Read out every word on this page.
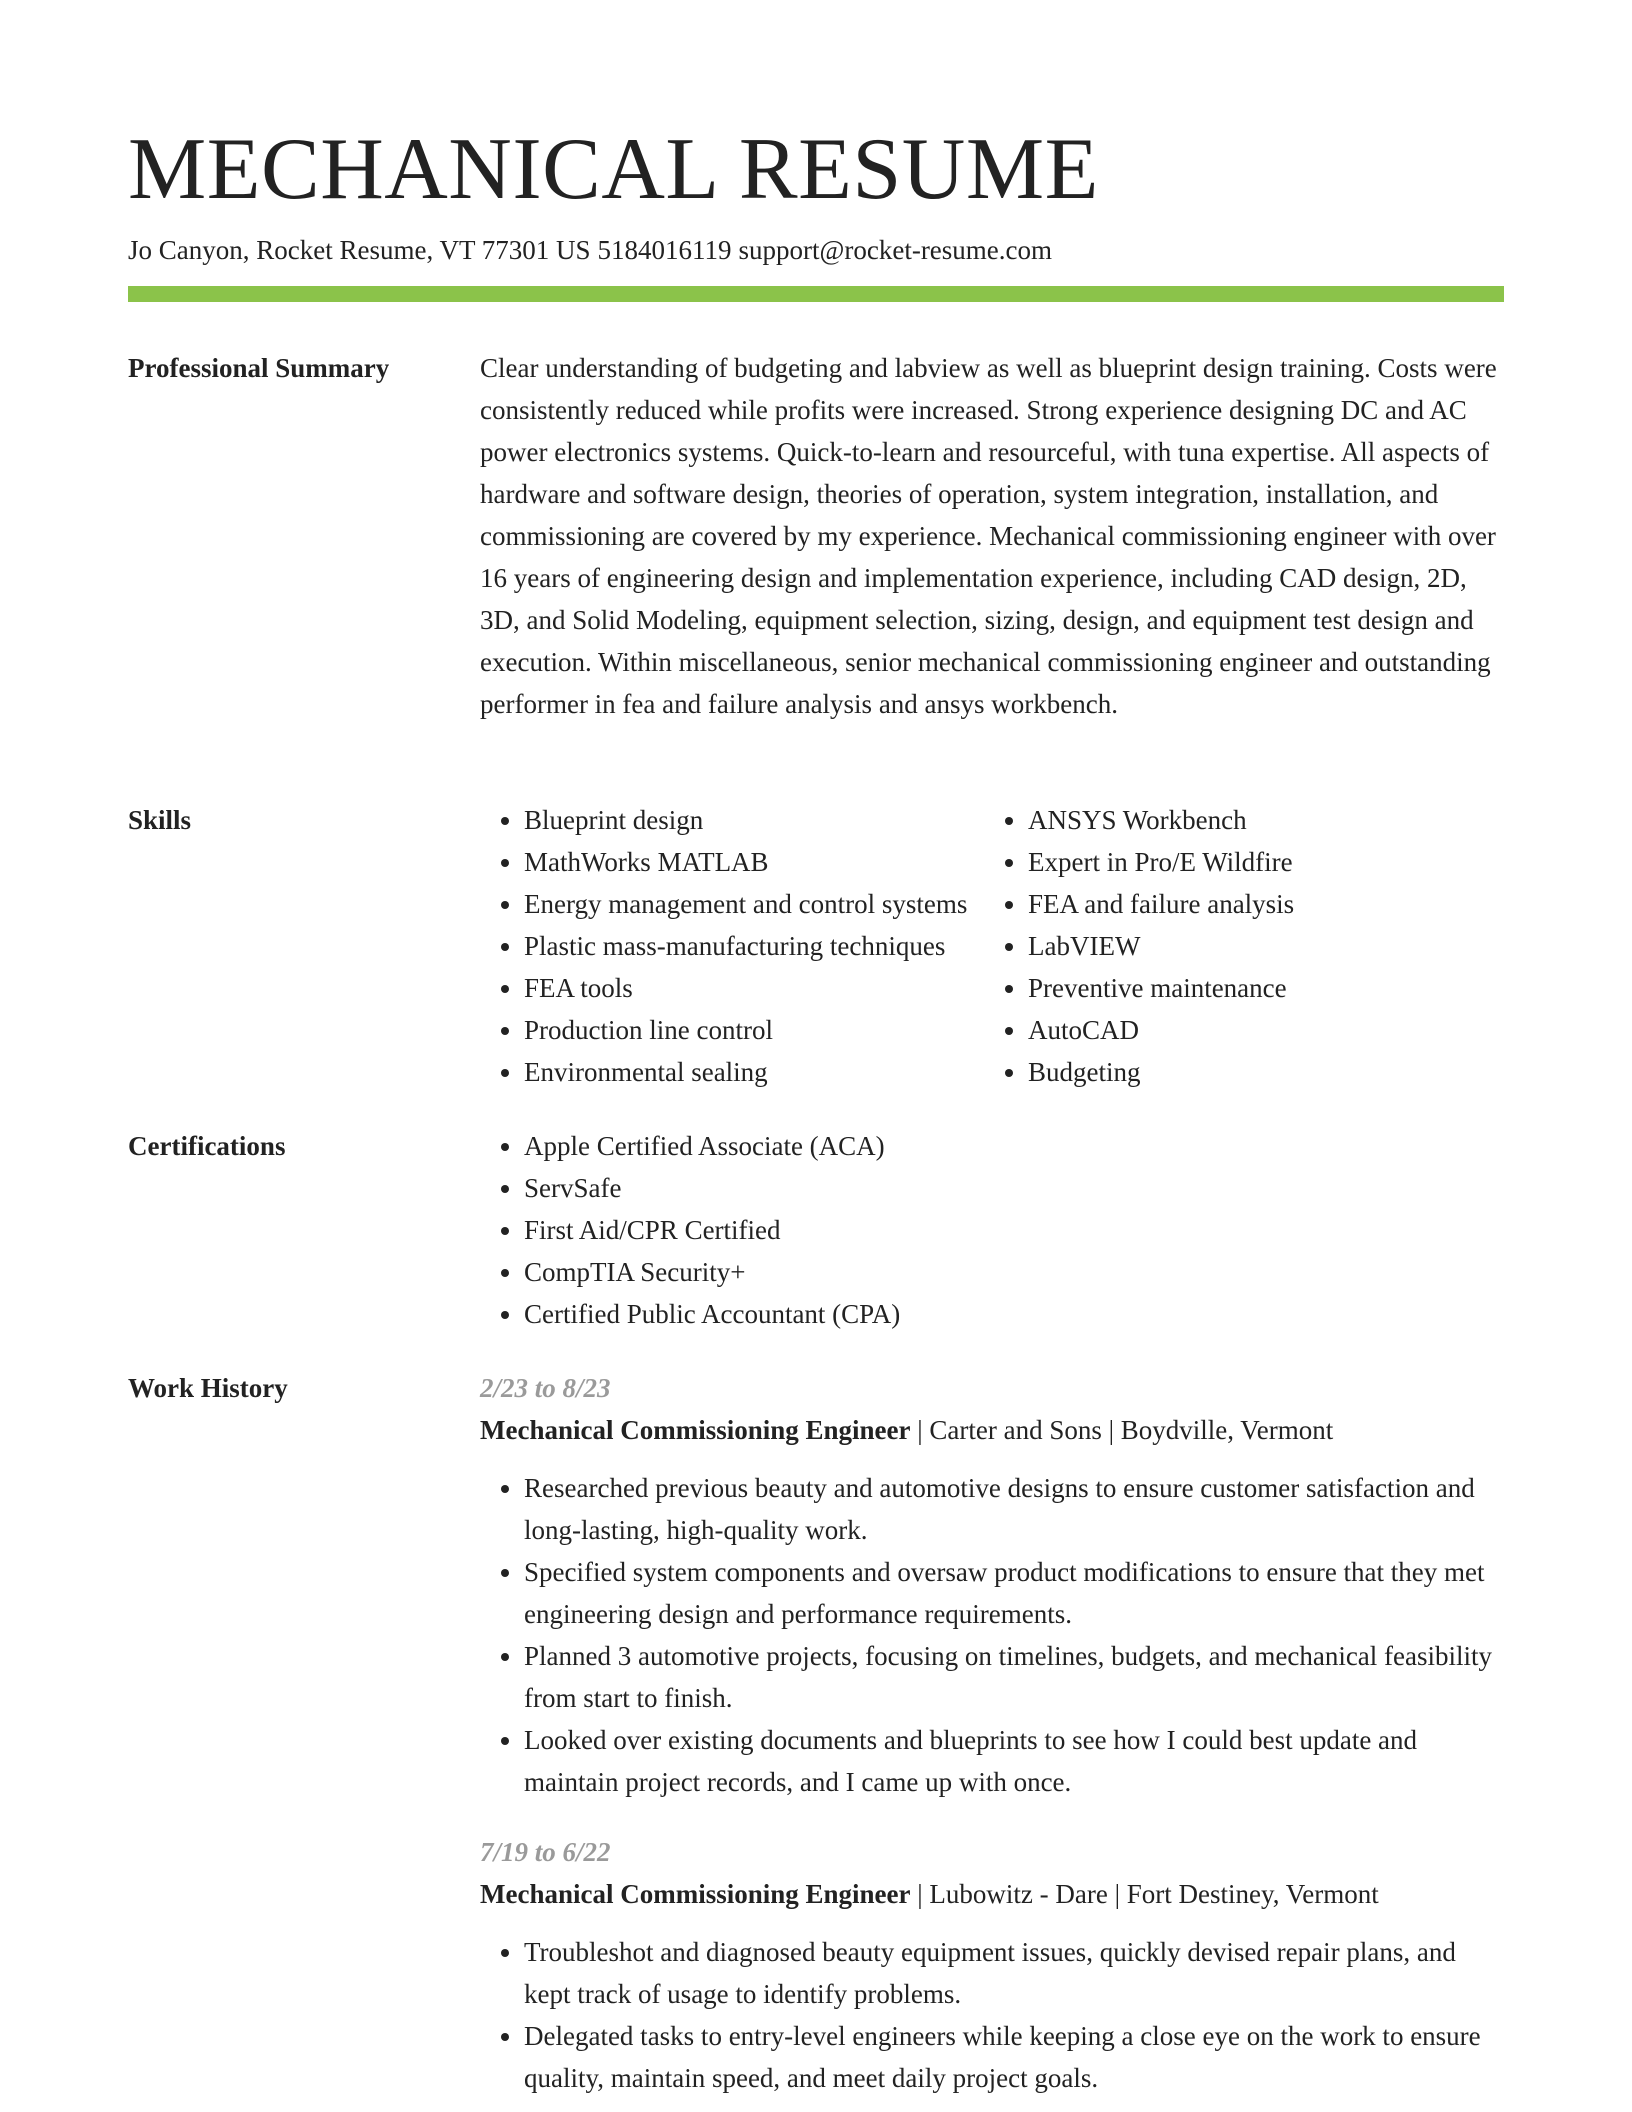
MECHANICAL RESUME
Jo Canyon, Rocket Resume, VT 77301 US 5184016119 support@rocket-resume.com
Professional Summary	Clear understanding of budgeting and labview as well as blueprint design training. Costs were consistently reduced while profits were increased. Strong experience designing DC and AC power electronics systems. Quick-to-learn and resourceful, with tuna expertise. All aspects of hardware and software design, theories of operation, system integration, installation, and commissioning are covered by my experience. Mechanical commissioning engineer with over 16 years of engineering design and implementation experience, including CAD design, 2D, 3D, and Solid Modeling, equipment selection, sizing, design, and equipment test design and execution. Within miscellaneous, senior mechanical commissioning engineer and outstanding performer in fea and failure analysis and ansys workbench.

Skills	• Blueprint design
• MathWorks MATLAB
• Energy management and control systems
• Plastic mass-manufacturing techniques
• FEA tools
• Production line control
• Environmental sealing
• ANSYS Workbench
• Expert in Pro/E Wildfire
• FEA and failure analysis
• LabVIEW
• Preventive maintenance
• AutoCAD
• Budgeting
Certifications	• Apple Certified Associate (ACA)
• ServSafe
• First Aid/CPR Certified
• CompTIA Security+
• Certified Public Accountant (CPA)
Work History	2/23 to 8/23
Mechanical Commissioning Engineer | Carter and Sons | Boydville, Vermont
• Researched previous beauty and automotive designs to ensure customer satisfaction and long-lasting, high-quality work.
• Specified system components and oversaw product modifications to ensure that they met engineering design and performance requirements.
• Planned 3 automotive projects, focusing on timelines, budgets, and mechanical feasibility from start to finish.
• Looked over existing documents and blueprints to see how I could best update and maintain project records, and I came up with once.
7/19 to 6/22
Mechanical Commissioning Engineer | Lubowitz - Dare | Fort Destiney, Vermont
• Troubleshot and diagnosed beauty equipment issues, quickly devised repair plans, and kept track of usage to identify problems.
• Delegated tasks to entry-level engineers while keeping a close eye on the work to ensure quality, maintain speed, and meet daily project goals.
